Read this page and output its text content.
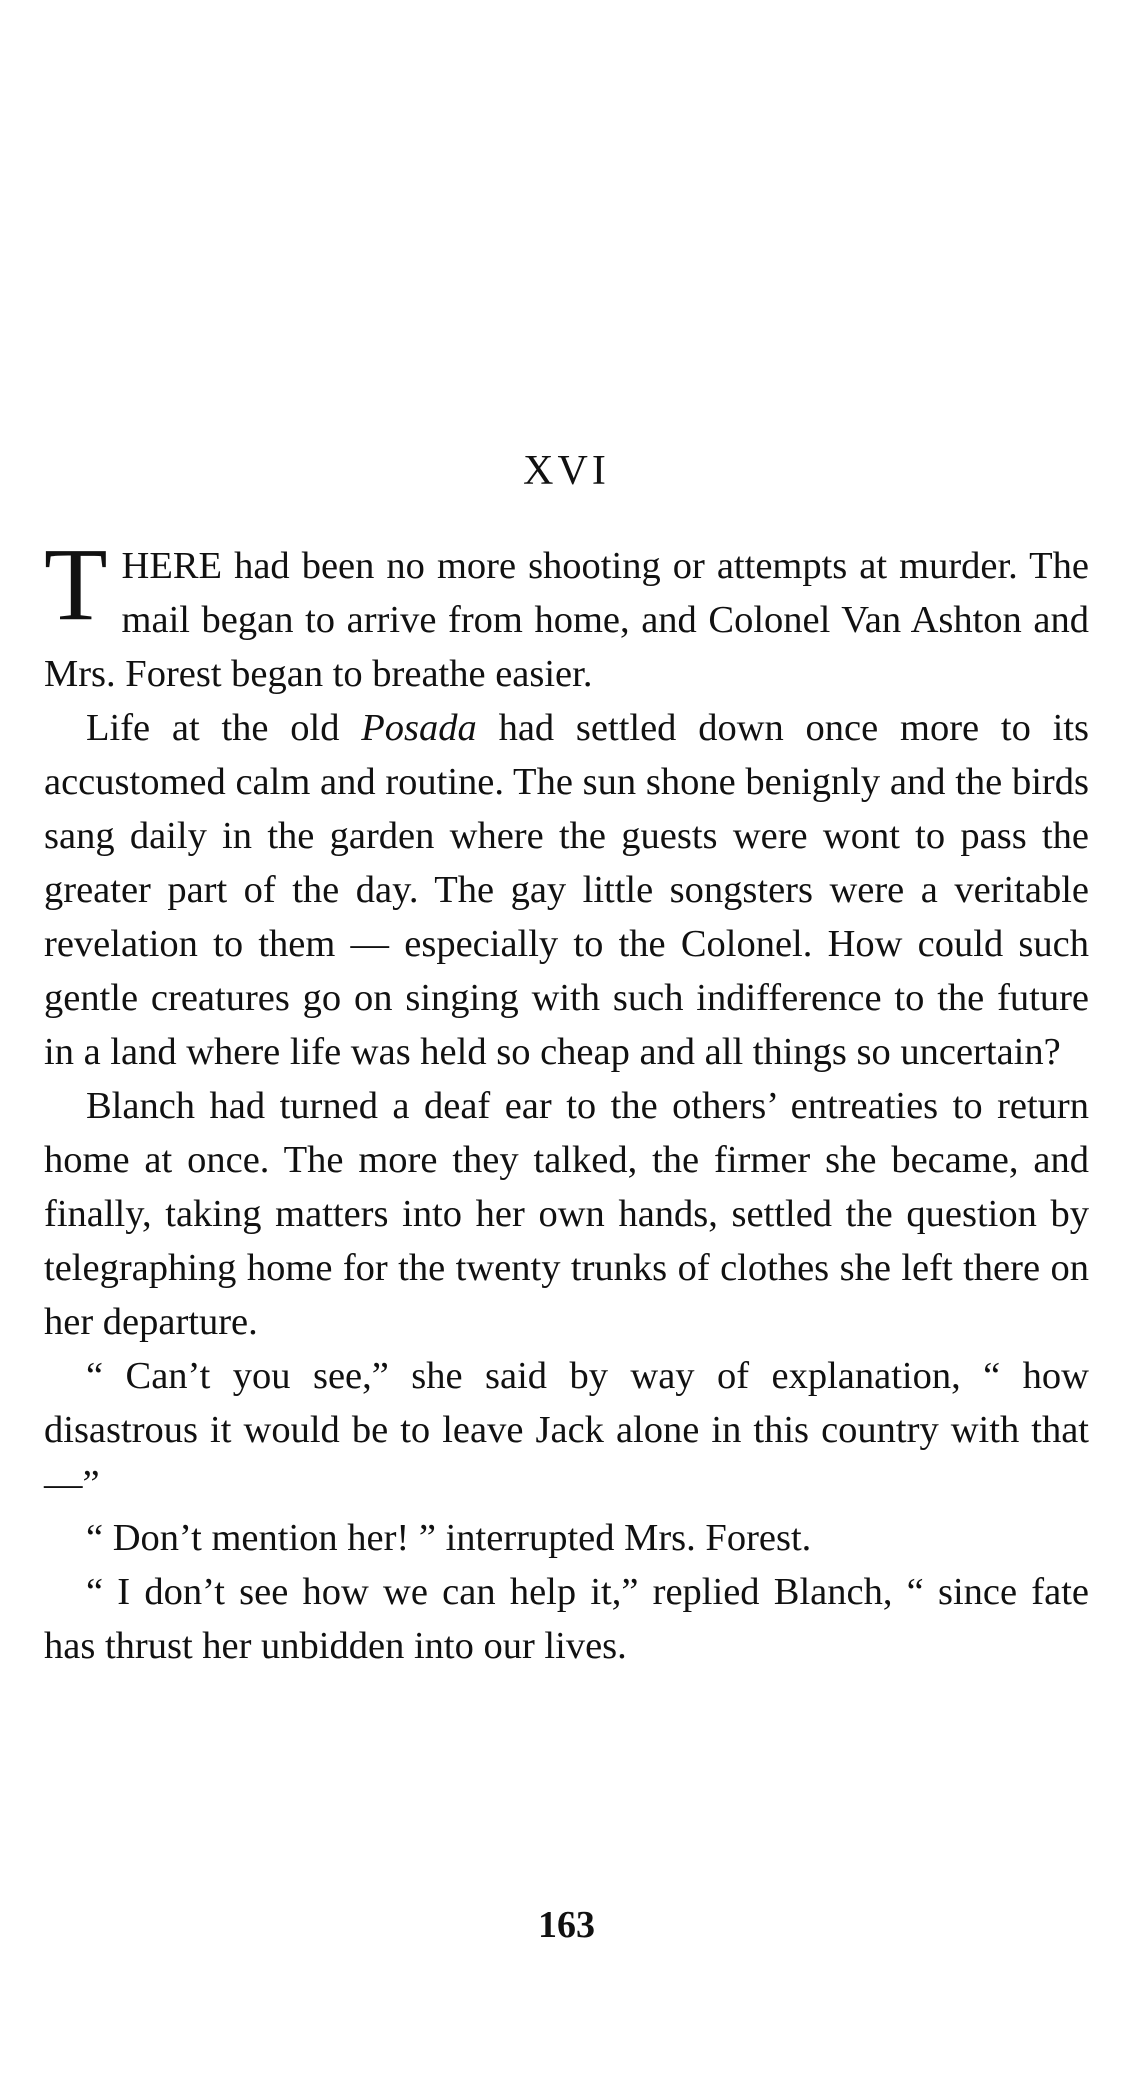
XVI

THERE had been no more shooting or attempts at murder. The mail began to arrive from home, and Colonel Van Ashton and Mrs. Forest began to breathe easier.

Life at the old Posada had settled down once more to its accustomed calm and routine. The sun shone benignly and the birds sang daily in the garden where the guests were wont to pass the greater part of the day. The gay little songsters were a veritable revelation to them — especially to the Colonel. How could such gentle creatures go on singing with such indifference to the future in a land where life was held so cheap and all things so uncertain?

Blanch had turned a deaf ear to the others’ entreaties to return home at once. The more they talked, the firmer she became, and finally, taking matters into her own hands, settled the question by telegraphing home for the twenty trunks of clothes she left there on her departure.

“ Can’t you see,” she said by way of explanation, “ how disastrous it would be to leave Jack alone in this country with that —”

“ Don’t mention her! ” interrupted Mrs. Forest.

“ I don’t see how we can help it,” replied Blanch, “ since fate has thrust her unbidden into our lives.

163
